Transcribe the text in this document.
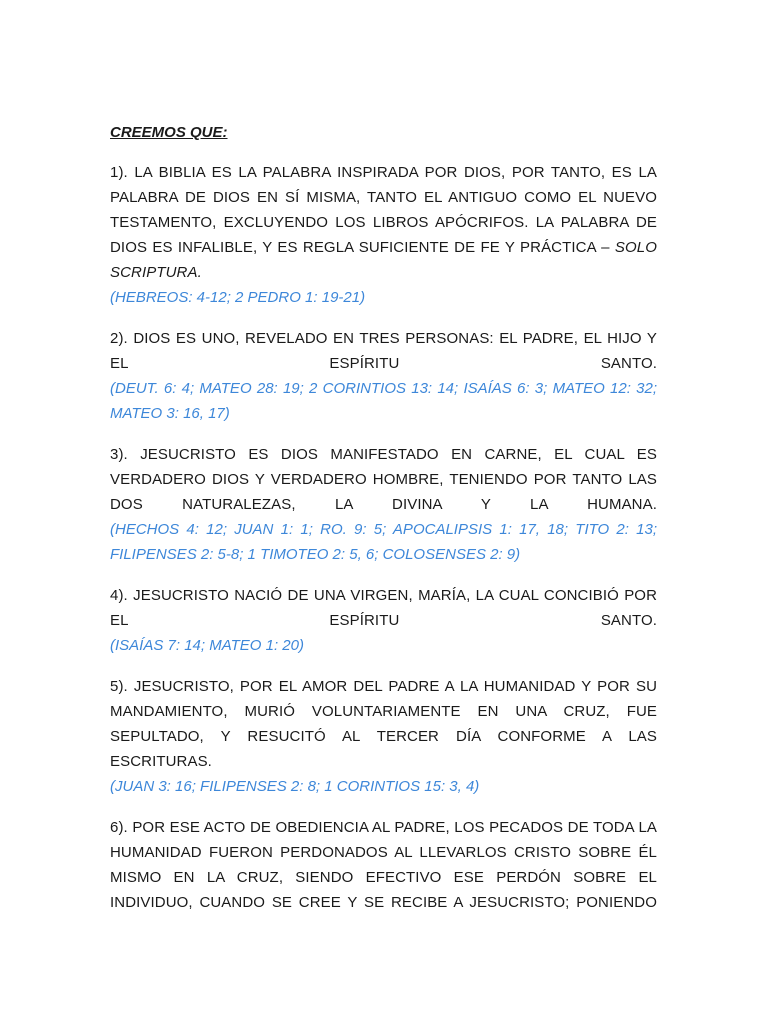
CREEMOS QUE:

1). LA BIBLIA ES LA PALABRA INSPIRADA POR DIOS, POR TANTO, ES LA PALABRA DE DIOS EN SÍ MISMA, TANTO EL ANTIGUO COMO EL NUEVO TESTAMENTO, EXCLUYENDO LOS LIBROS APÓCRIFOS. LA PALABRA DE DIOS ES INFALIBLE, Y ES REGLA SUFICIENTE DE FE Y PRÁCTICA – SOLO SCRIPTURA.

(HEBREOS: 4-12; 2 PEDRO 1: 19-21)

2). DIOS ES UNO, REVELADO EN TRES PERSONAS: EL PADRE, EL HIJO Y EL ESPÍRITU SANTO.

(DEUT. 6: 4; MATEO 28: 19; 2 CORINTIOS 13: 14; ISAÍAS 6: 3; MATEO 12: 32; MATEO 3: 16, 17)

3). JESUCRISTO ES DIOS MANIFESTADO EN CARNE, EL CUAL ES VERDADERO DIOS Y VERDADERO HOMBRE, TENIENDO POR TANTO LAS DOS NATURALEZAS, LA DIVINA Y LA HUMANA.

(HECHOS 4: 12; JUAN 1: 1; RO. 9: 5; APOCALIPSIS 1: 17, 18; TITO 2: 13; FILIPENSES 2: 5-8; 1 TIMOTEO 2: 5, 6; COLOSENSES 2: 9)

4). JESUCRISTO NACIÓ DE UNA VIRGEN, MARÍA, LA CUAL CONCIBIÓ POR EL ESPÍRITU SANTO.

(ISAÍAS 7: 14; MATEO 1: 20)

5). JESUCRISTO, POR EL AMOR DEL PADRE A LA HUMANIDAD Y POR SU MANDAMIENTO, MURIÓ VOLUNTARIAMENTE EN UNA CRUZ, FUE SEPULTADO, Y RESUCITÓ AL TERCER DÍA CONFORME A LAS ESCRITURAS.

(JUAN 3: 16; FILIPENSES 2: 8; 1 CORINTIOS 15: 3, 4)

6). POR ESE ACTO DE OBEDIENCIA AL PADRE, LOS PECADOS DE TODA LA HUMANIDAD FUERON PERDONADOS AL LLEVARLOS CRISTO SOBRE ÉL MISMO EN LA CRUZ, SIENDO EFECTIVO ESE PERDÓN SOBRE EL INDIVIDUO, CUANDO SE CREE Y SE RECIBE A JESUCRISTO; PONIENDO
